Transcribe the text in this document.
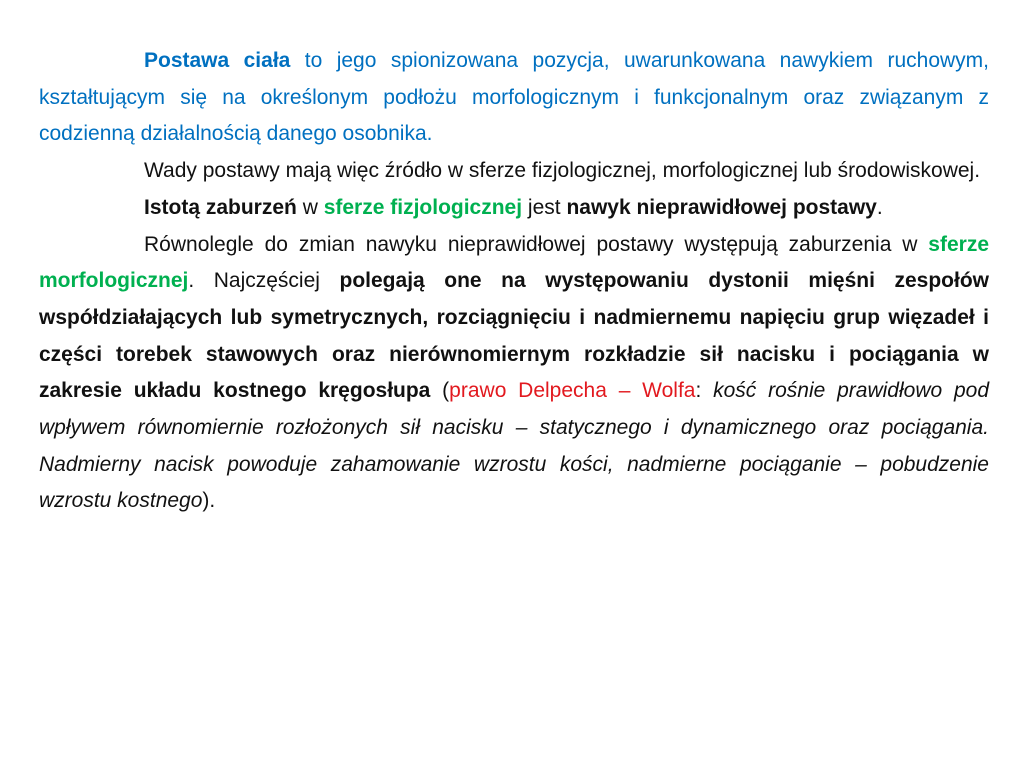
Postawa ciała to jego spionizowana pozycja, uwarunkowana nawykiem ruchowym, kształtującym się na określonym podłożu morfologicznym i funkcjonalnym oraz związanym z codzienną działalnością danego osobnika.

Wady postawy mają więc źródło w sferze fizjologicznej, morfologicznej lub środowiskowej.

Istotą zaburzeń w sferze fizjologicznej jest nawyk nieprawidłowej postawy.

Równolegle do zmian nawyku nieprawidłowej postawy występują zaburzenia w sferze morfologicznej. Najczęściej polegają one na występowaniu dystonii mięśni zespołów współdziałających lub symetrycznych, rozciągnięciu i nadmiernemu napięciu grup więzadeł i części torebek stawowych oraz nierównomiernym rozkładzie sił nacisku i pociągania w zakresie układu kostnego kręgosłupa (prawo Delpecha – Wolfa: kość rośnie prawidłowo pod wpływem równomiernie rozłożonych sił nacisku – statycznego i dynamicznego oraz pociągania. Nadmierny nacisk powoduje zahamowanie wzrostu kości, nadmierne pociąganie – pobudzenie wzrostu kostnego).
